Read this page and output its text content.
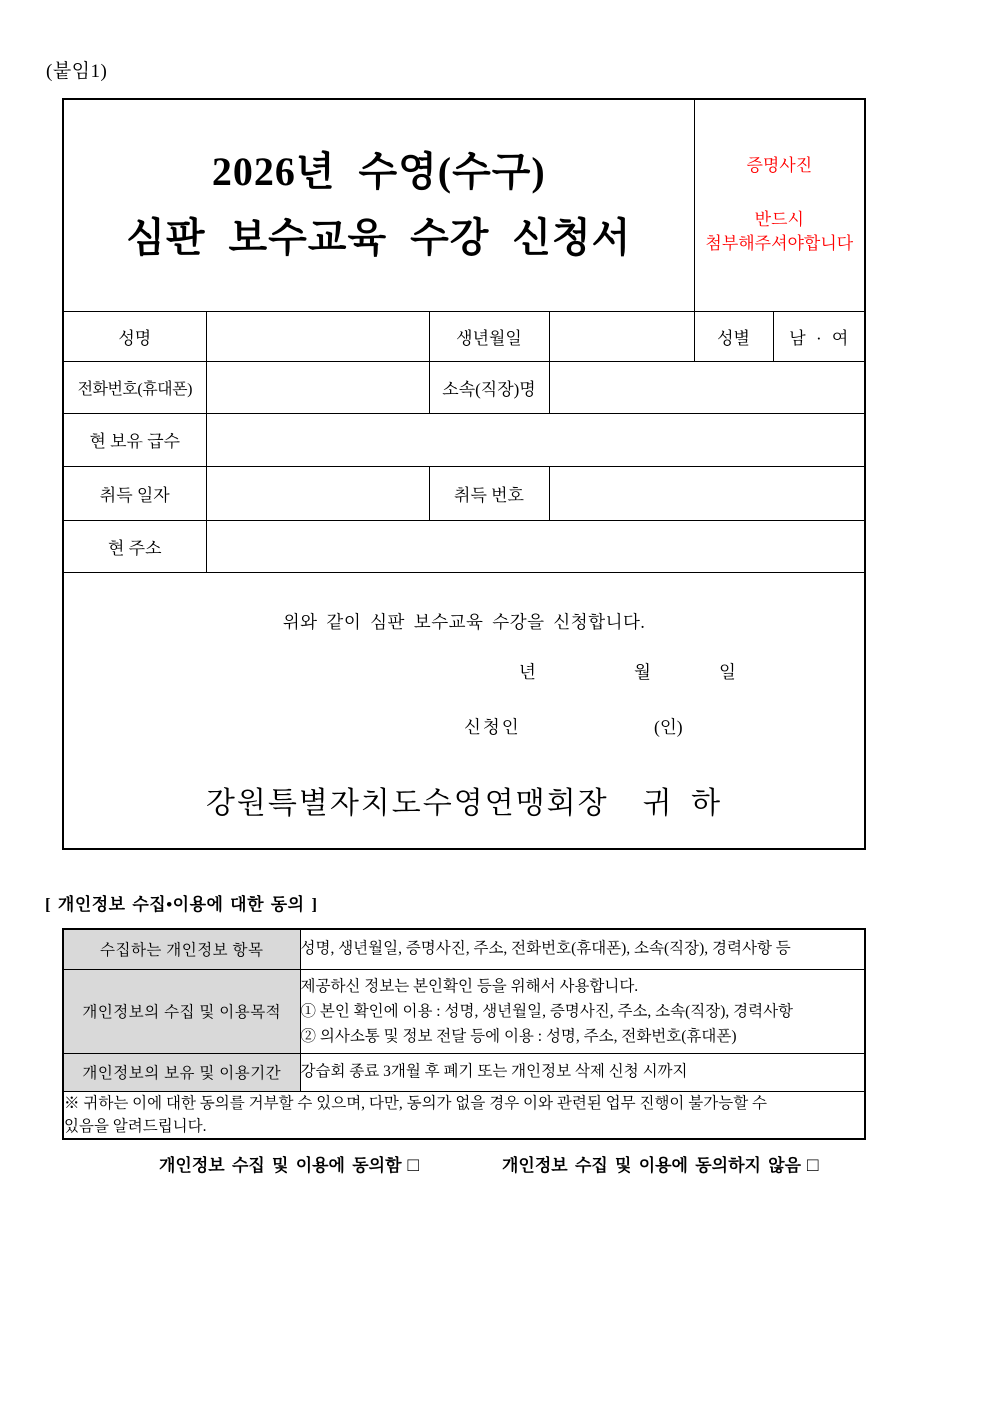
(붙임1)
2026년 수영(수구)
심판 보수교육 수강 신청서

증명사진
반드시
첨부해주셔야합니다

성명		생년월일		성별	남 · 여
전화번호(휴대폰)		소속(직장)명			
현 보유 급수					
취득 일자		취득 번호			
현 주소					

위와 같이 심판 보수교육 수강을 신청합니다.
년	월	일
신청인	(인)
강원특별자치도수영연맹회장 귀 하
[ 개인정보 수집•이용에 대한 동의 ]
수집하는 개인정보 항목	성명, 생년월일, 증명사진, 주소, 전화번호(휴대폰), 소속(직장), 경력사항 등
개인정보의 수집 및 이용목적	제공하신 정보는 본인확인 등을 위해서 사용합니다.
① 본인 확인에 이용 : 성명, 생년월일, 증명사진, 주소, 소속(직장), 경력사항
② 의사소통 및 정보 전달 등에 이용 : 성명, 주소, 전화번호(휴대폰)

개인정보의 보유 및 이용기간	강습회 종료 3개월 후 폐기 또는 개인정보 삭제 신청 시까지

※ 귀하는 이에 대한 동의를 거부할 수 있으며, 다만, 동의가 없을 경우 이와 관련된 업무 진행이 불가능할 수
있음을 알려드립니다.	
개인정보 수집 및 이용에 동의함 □	개인정보 수집 및 이용에 동의하지 않음 □
